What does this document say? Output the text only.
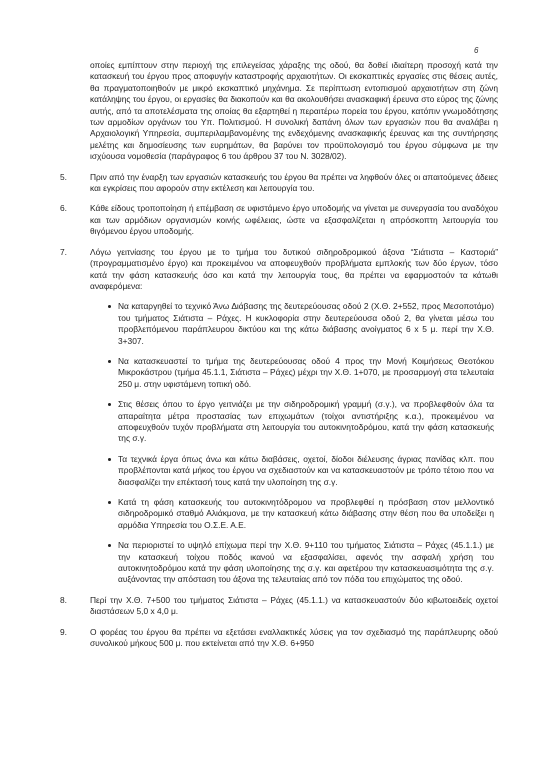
6

οποίες εμπίπτουν στην περιοχή της επιλεγείσας χάραξης της οδού, θα δοθεί ιδιαίτερη προσοχή κατά την κατασκευή του έργου προς αποφυγήν καταστροφής αρχαιοτήτων. Οι εκσκαπτικές εργασίες στις θέσεις αυτές, θα πραγματοποιηθούν με μικρό εκσκαπτικό μηχάνημα. Σε περίπτωση εντοπισμού αρχαιοτήτων στη ζώνη κατάληψης του έργου, οι εργασίες θα διακοπούν και θα ακολουθήσει ανασκαφική έρευνα στο εύρος της ζώνης αυτής, από τα αποτελέσματα της οποίας θα εξαρτηθεί η περαιτέρω πορεία του έργου, κατόπιν γνωμοδότησης των αρμοδίων οργάνων του Υπ. Πολιτισμού. Η συνολική δαπάνη όλων των εργασιών που θα αναλάβει η Αρχαιολογική Υπηρεσία, συμπεριλαμβανομένης της ενδεχόμενης ανασκαφικής έρευνας και της συντήρησης μελέτης και δημοσίευσης των ευρημάτων, θα βαρύνει τον προϋπολογισμό του έργου σύμφωνα με την ισχύουσα νομοθεσία (παράγραφος 6 του άρθρου 37 του Ν. 3028/02).

5.	Πριν από την έναρξη των εργασιών κατασκευής του έργου θα πρέπει να ληφθούν όλες οι απαιτούμενες άδειες και εγκρίσεις που αφορούν στην εκτέλεση και λειτουργία του.

6.	Κάθε είδους τροποποίηση ή επέμβαση σε υφιστάμενο έργο υποδομής να γίνεται με συνεργασία του αναδόχου και των αρμόδιων οργανισμών κοινής ωφέλειας, ώστε να εξασφαλίζεται η απρόσκοπτη λειτουργία του θιγόμενου έργου υποδομής.

7.	Λόγω γειτνίασης του έργου με το τμήμα του δυτικού σιδηροδρομικού άξονα “Σιάτιστα – Καστοριά” (προγραμματισμένο έργο) και προκειμένου να αποφευχθούν προβλήματα εμπλοκής των δύο έργων, τόσο κατά την φάση κατασκευής όσο και κατά την λειτουργία τους, θα πρέπει να εφαρμοστούν τα κάτωθι αναφερόμενα:

Να καταργηθεί το τεχνικό Άνω Διάβασης της δευτερεύουσας οδού 2 (Χ.Θ. 2+552, προς Μεσοποτάμο) του τμήματος Σιάτιστα – Ράχες. Η κυκλοφορία στην δευτερεύουσα οδού 2, θα γίνεται μέσω του προβλεπόμενου παράπλευρου δικτύου και της κάτω διάβασης ανοίγματος 6 x 5 μ. περί την Χ.Θ. 3+307.

Να κατασκευαστεί το τμήμα της δευτερεύουσας οδού 4 προς την Μονή Κοιμήσεως Θεοτόκου Μικροκάστρου (τμήμα 45.1.1, Σιάτιστα – Ράχες) μέχρι την Χ.Θ. 1+070, με προσαρμογή στα τελευταία 250 μ. στην υφιστάμενη τοπική οδό.

Στις θέσεις όπου το έργο γειτνιάζει με την σιδηροδρομική γραμμή (σ.γ.), να προβλεφθούν όλα τα απαραίτητα μέτρα προστασίας των επιχωμάτων (τοίχοι αντιστήριξης κ.α.), προκειμένου να αποφευχθούν τυχόν προβλήματα στη λειτουργία του αυτοκινητοδρόμου, κατά την φάση κατασκευής της σ.γ.

Τα τεχνικά έργα όπως άνω και κάτω διαβάσεις, οχετοί, δίοδοι διέλευσης άγριας πανίδας κλπ. που προβλέπονται κατά μήκος του έργου να σχεδιαστούν και να κατασκευαστούν με τρόπο τέτοιο που να διασφαλίζει την επέκτασή τους κατά την υλοποίηση της σ.γ.

Κατά τη φάση κατασκευής του αυτοκινητόδρομου να προβλεφθεί η πρόσβαση στον μελλοντικό σιδηροδρομικό σταθμό Αλιάκμονα, με την κατασκευή κάτω διάβασης στην θέση που θα υποδείξει η αρμόδια Υπηρεσία του Ο.Σ.Ε. Α.Ε.

Να περιοριστεί το υψηλό επίχωμα περί την Χ.Θ. 9+110 του τμήματος Σιάτιστα – Ράχες (45.1.1.) με την κατασκευή τοίχου ποδός ικανού να εξασφαλίσει, αφενός την ασφαλή χρήση του αυτοκινητοδρόμου κατά την φάση υλοποίησης της σ.γ. και αφετέρου την κατασκευασιμότητα της σ.γ. αυξάνοντας την απόσταση του άξονα της τελευταίας από τον πόδα του επιχώματος της οδού.

8.	Περί την Χ.Θ. 7+500 του τμήματος Σιάτιστα – Ράχες (45.1.1.) να κατασκευαστούν δύο κιβωτοειδείς οχετοί διαστάσεων 5,0 x 4,0 μ.

9.	Ο φορέας του έργου θα πρέπει να εξετάσει εναλλακτικές λύσεις για τον σχεδιασμό της παράπλευρης οδού συνολικού μήκους 500 μ. που εκτείνεται από την Χ.Θ. 6+950
